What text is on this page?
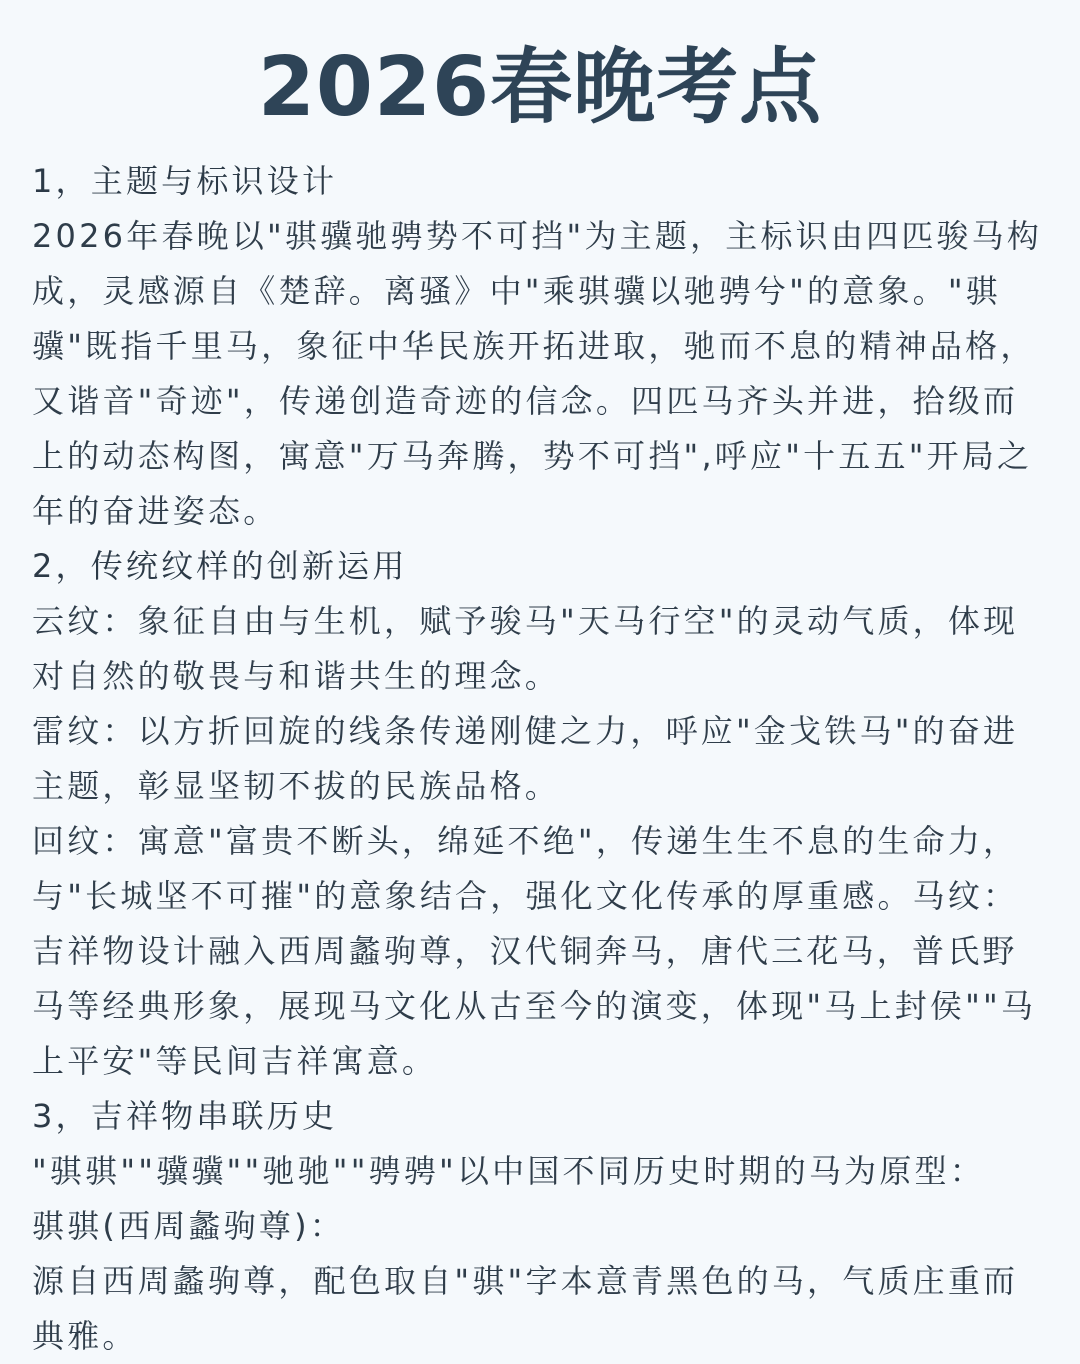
2026春晚考点
1，主题与标识设计
2026年春晚以"骐骥驰骋势不可挡"为主题，主标识由四匹骏马构
成，灵感源自《楚辞。离骚》中"乘骐骥以驰骋兮"的意象。"骐
骥"既指千里马，象征中华民族开拓进取，驰而不息的精神品格，
又谐音"奇迹"，传递创造奇迹的信念。四匹马齐头并进，拾级而
上的动态构图，寓意"万马奔腾，势不可挡",呼应"十五五"开局之
年的奋进姿态。
2，传统纹样的创新运用
云纹：象征自由与生机，赋予骏马"天马行空"的灵动气质，体现
对自然的敬畏与和谐共生的理念。
雷纹：以方折回旋的线条传递刚健之力，呼应"金戈铁马"的奋进
主题，彰显坚韧不拔的民族品格。
回纹：寓意"富贵不断头，绵延不绝"，传递生生不息的生命力，
与"长城坚不可摧"的意象结合，强化文化传承的厚重感。马纹：
吉祥物设计融入西周蠡驹尊，汉代铜奔马，唐代三花马，普氏野
马等经典形象，展现马文化从古至今的演变，体现"马上封侯""马
上平安"等民间吉祥寓意。
3，吉祥物串联历史
"骐骐""骥骥""驰驰""骋骋"以中国不同历史时期的马为原型：
骐骐(西周蠡驹尊)：
源自西周蠡驹尊，配色取自"骐"字本意青黑色的马，气质庄重而
典雅。
